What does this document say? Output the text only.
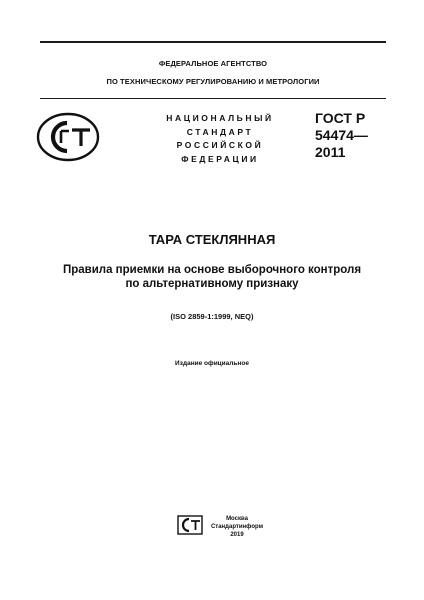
ФЕДЕРАЛЬНОЕ АГЕНТСТВО
ПО ТЕХНИЧЕСКОМУ РЕГУЛИРОВАНИЮ И МЕТРОЛОГИИ
НАЦИОНАЛЬНЫЙ
СТАНДАРТ
РОССИЙСКОЙ
ФЕДЕРАЦИИ
ГОСТ Р
54474—
2011
ТАРА СТЕКЛЯННАЯ
Правила приемки на основе выборочного контроля
по альтернативному признаку
(ISO 2859-1:1999, NEQ)
Издание официальное
Москва
Стандартинформ
2019
